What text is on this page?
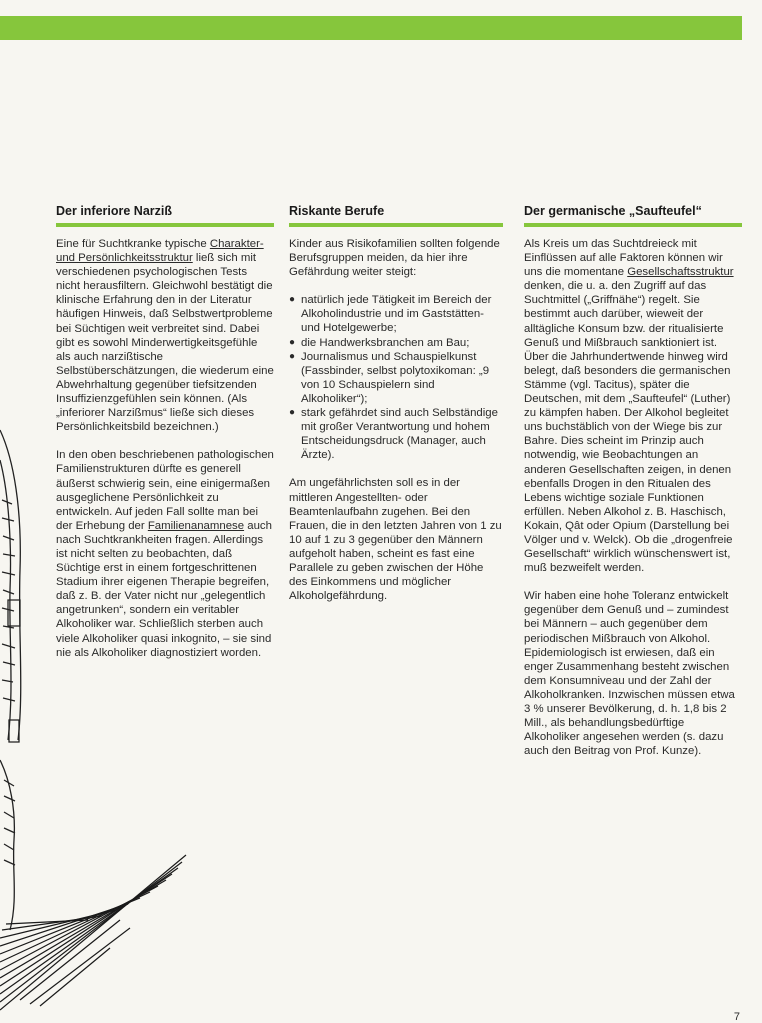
Der inferiore Narziß

Eine für Suchtkranke typische Charakter- und Persönlichkeitsstruktur ließ sich mit verschiedenen psychologischen Tests nicht herausfiltern. Gleichwohl bestätigt die klinische Erfahrung den in der Literatur häufigen Hinweis, daß Selbstwertprobleme bei Süchtigen weit verbreitet sind. Dabei gibt es sowohl Minderwertigkeitsgefühle als auch narzißtische Selbstüberschätzungen, die wiederum eine Abwehrhaltung gegenüber tiefsitzenden Insuffizienzgefühlen sein können. (Als „inferiorer Narzißmus“ ließe sich dieses Persönlichkeitsbild bezeichnen.)

In den oben beschriebenen pathologischen Familienstrukturen dürfte es generell äußerst schwierig sein, eine einigermaßen ausgeglichene Persönlichkeit zu entwickeln. Auf jeden Fall sollte man bei der Erhebung der Familienanamnese auch nach Suchtkrankheiten fragen. Allerdings ist nicht selten zu beobachten, daß Süchtige erst in einem fortgeschrittenen Stadium ihrer eigenen Therapie begreifen, daß z. B. der Vater nicht nur „gelegentlich angetrunken“, sondern ein veritabler Alkoholiker war. Schließlich sterben auch viele Alkoholiker quasi inkognito, – sie sind nie als Alkoholiker diagnostiziert worden.

Riskante Berufe

Kinder aus Risikofamilien sollten folgende Berufsgruppen meiden, da hier ihre Gefährdung weiter steigt:

● natürlich jede Tätigkeit im Bereich der Alkoholindustrie und im Gaststätten- und Hotelgewerbe;
● die Handwerksbranchen am Bau;
● Journalismus und Schauspielkunst (Fassbinder, selbst polytoxikoman: „9 von 10 Schauspielern sind Alkoholiker“);
● stark gefährdet sind auch Selbständige mit großer Verantwortung und hohem Entscheidungsdruck (Manager, auch Ärzte).

Am ungefährlichsten soll es in der mittleren Angestellten- oder Beamtenlaufbahn zugehen. Bei den Frauen, die in den letzten Jahren von 1 zu 10 auf 1 zu 3 gegenüber den Männern aufgeholt haben, scheint es fast eine Parallele zu geben zwischen der Höhe des Einkommens und möglicher Alkoholgefährdung.

Der germanische „Saufteufel“

Als Kreis um das Suchtdreieck mit Einflüssen auf alle Faktoren können wir uns die momentane Gesellschaftsstruktur denken, die u. a. den Zugriff auf das Suchtmittel („Griffnähe“) regelt. Sie bestimmt auch darüber, wieweit der alltägliche Konsum bzw. der ritualisierte Genuß und Mißbrauch sanktioniert ist. Über die Jahrhundertwende hinweg wird belegt, daß besonders die germanischen Stämme (vgl. Tacitus), später die Deutschen, mit dem „Saufteufel“ (Luther) zu kämpfen haben. Der Alkohol begleitet uns buchstäblich von der Wiege bis zur Bahre. Dies scheint im Prinzip auch notwendig, wie Beobachtungen an anderen Gesellschaften zeigen, in denen ebenfalls Drogen in den Ritualen des Lebens wichtige soziale Funktionen erfüllen. Neben Alkohol z. B. Haschisch, Kokain, Qât oder Opium (Darstellung bei Völger und v. Welck). Ob die „drogenfreie Gesellschaft“ wirklich wünschenswert ist, muß bezweifelt werden.

Wir haben eine hohe Toleranz entwickelt gegenüber dem Genuß und – zumindest bei Männern – auch gegenüber dem periodischen Mißbrauch von Alkohol. Epidemiologisch ist erwiesen, daß ein enger Zusammenhang besteht zwischen dem Konsumniveau und der Zahl der Alkoholkranken. Inzwischen müssen etwa 3 % unserer Bevölkerung, d. h. 1,8 bis 2 Mill., als behandlungsbedürftige Alkoholiker angesehen werden (s. dazu auch den Beitrag von Prof. Kunze).

7
